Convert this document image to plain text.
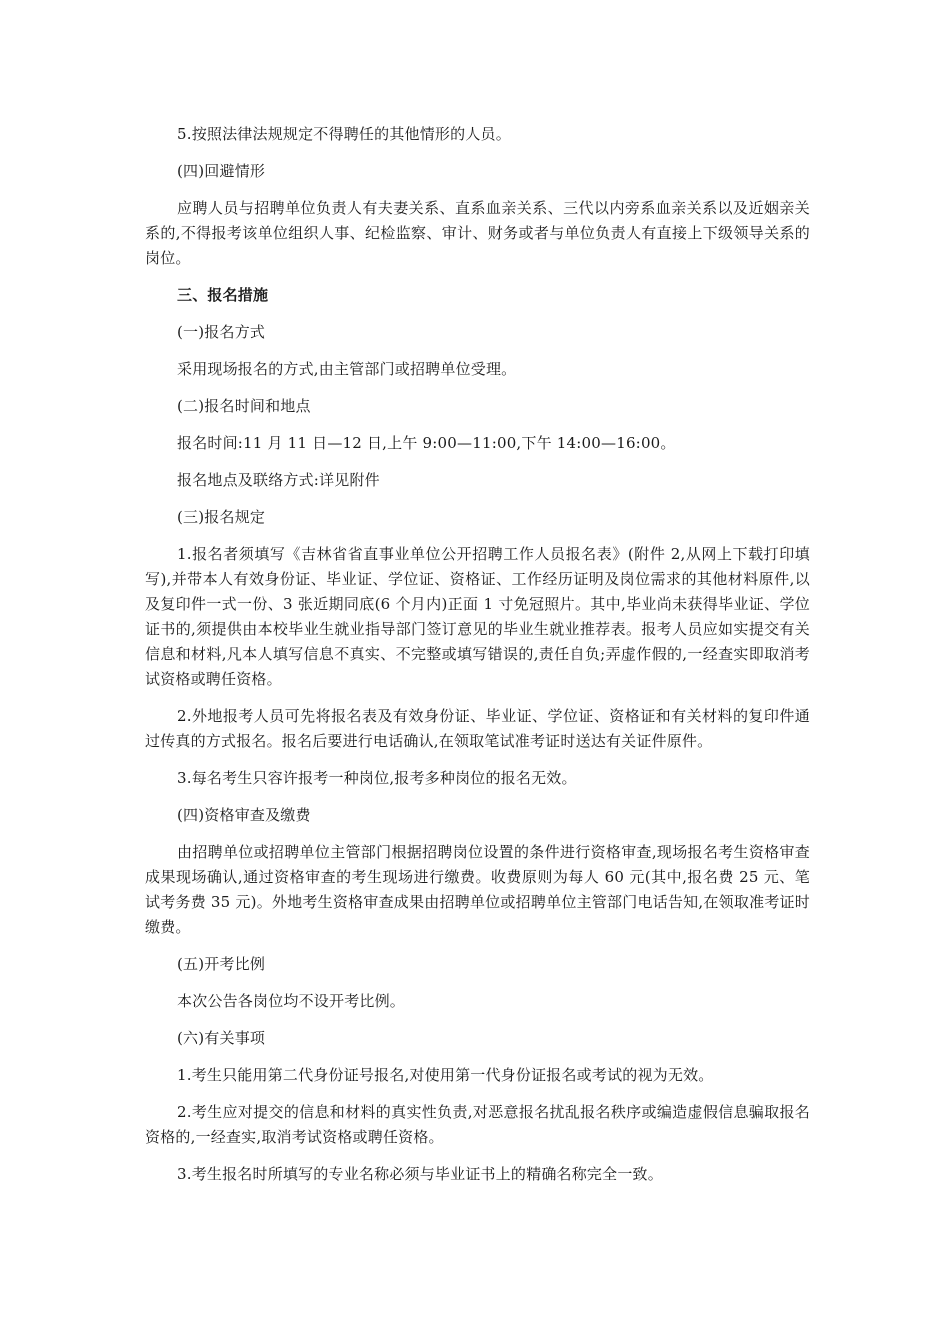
5.按照法律法规规定不得聘任的其他情形的人员。

(四)回避情形

应聘人员与招聘单位负责人有夫妻关系、直系血亲关系、三代以内旁系血亲关系以及近姻亲关系的,不得报考该单位组织人事、纪检监察、审计、财务或者与单位负责人有直接上下级领导关系的岗位。

三、报名措施

(一)报名方式

采用现场报名的方式,由主管部门或招聘单位受理。

(二)报名时间和地点

报名时间:11 月 11 日—12 日,上午 9:00—11:00,下午 14:00—16:00。

报名地点及联络方式:详见附件

(三)报名规定

1.报名者须填写《吉林省省直事业单位公开招聘工作人员报名表》(附件 2,从网上下载打印填写),并带本人有效身份证、毕业证、学位证、资格证、工作经历证明及岗位需求的其他材料原件,以及复印件一式一份、3 张近期同底(6 个月内)正面 1 寸免冠照片。其中,毕业尚未获得毕业证、学位证书的,须提供由本校毕业生就业指导部门签订意见的毕业生就业推荐表。报考人员应如实提交有关信息和材料,凡本人填写信息不真实、不完整或填写错误的,责任自负;弄虚作假的,一经查实即取消考试资格或聘任资格。

2.外地报考人员可先将报名表及有效身份证、毕业证、学位证、资格证和有关材料的复印件通过传真的方式报名。报名后要进行电话确认,在领取笔试准考证时送达有关证件原件。

3.每名考生只容许报考一种岗位,报考多种岗位的报名无效。

(四)资格审查及缴费

由招聘单位或招聘单位主管部门根据招聘岗位设置的条件进行资格审查,现场报名考生资格审查成果现场确认,通过资格审查的考生现场进行缴费。收费原则为每人 60 元(其中,报名费 25 元、笔试考务费 35 元)。外地考生资格审查成果由招聘单位或招聘单位主管部门电话告知,在领取准考证时缴费。

(五)开考比例

本次公告各岗位均不设开考比例。

(六)有关事项

1.考生只能用第二代身份证号报名,对使用第一代身份证报名或考试的视为无效。

2.考生应对提交的信息和材料的真实性负责,对恶意报名扰乱报名秩序或编造虚假信息骗取报名资格的,一经查实,取消考试资格或聘任资格。

3.考生报名时所填写的专业名称必须与毕业证书上的精确名称完全一致。
